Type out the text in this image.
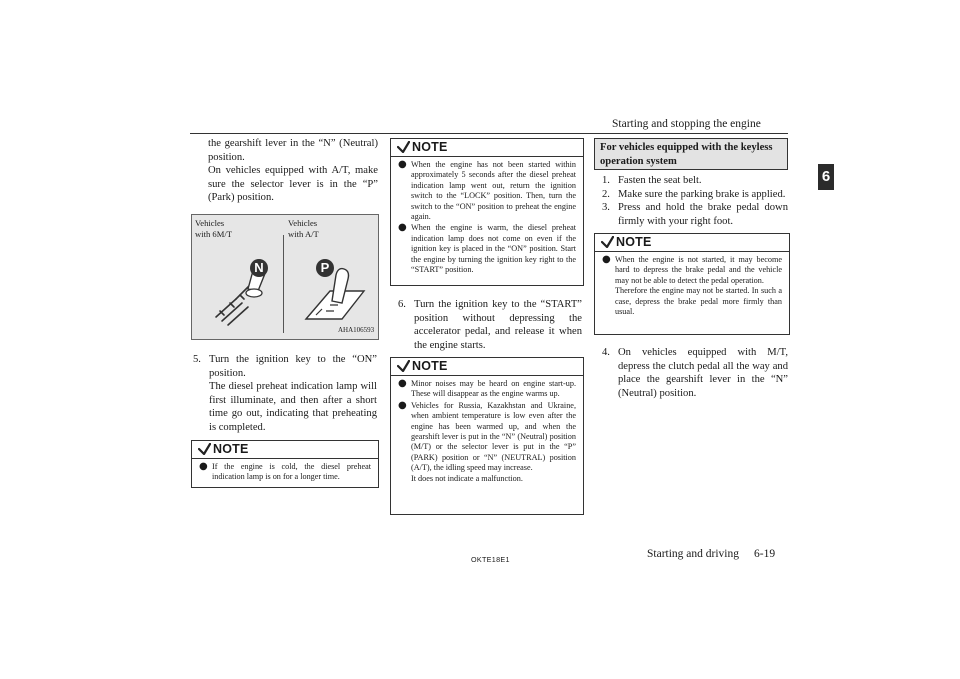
Starting and stopping the engine
6
the gearshift lever in the “N” (Neutral) position.
On vehicles equipped with A/T, make sure the selector lever is in the “P” (Park) position.
Vehicles
with 6M/T
Vehicles
with A/T
N	P
AHA106593
5. Turn the ignition key to the “ON” position.
The diesel preheat indication lamp will first illuminate, and then after a short time go out, indicating that preheating is completed.
NOTE
● If the engine is cold, the diesel preheat indication lamp is on for a longer time.
NOTE
● When the engine has not been started within approximately 5 seconds after the diesel preheat indication lamp went out, return the ignition switch to the “LOCK” position. Then, turn the switch to the “ON” position to preheat the engine again.
● When the engine is warm, the diesel preheat indication lamp does not come on even if the ignition key is placed in the “ON” position. Start the engine by turning the ignition key right to the “START” position.
6. Turn the ignition key to the “START” position without depressing the accelerator pedal, and release it when the engine starts.
NOTE
● Minor noises may be heard on engine start-up. These will disappear as the engine warms up.
● Vehicles for Russia, Kazakhstan and Ukraine, when ambient temperature is low even after the engine has been warmed up, and when the gearshift lever is put in the “N” (Neutral) position (M/T) or the selector lever is put in the “P” (PARK) position or “N” (NEUTRAL) position (A/T), the idling speed may increase.
It does not indicate a malfunction.
For vehicles equipped with the keyless operation system
1. Fasten the seat belt.
2. Make sure the parking brake is applied.
3. Press and hold the brake pedal down firmly with your right foot.
NOTE
● When the engine is not started, it may become hard to depress the brake pedal and the vehicle may not be able to detect the pedal operation.
Therefore the engine may not be started. In such a case, depress the brake pedal more firmly than usual.
4. On vehicles equipped with M/T, depress the clutch pedal all the way and place the gearshift lever in the “N” (Neutral) position.
OKTE18E1	Starting and driving 6-19
